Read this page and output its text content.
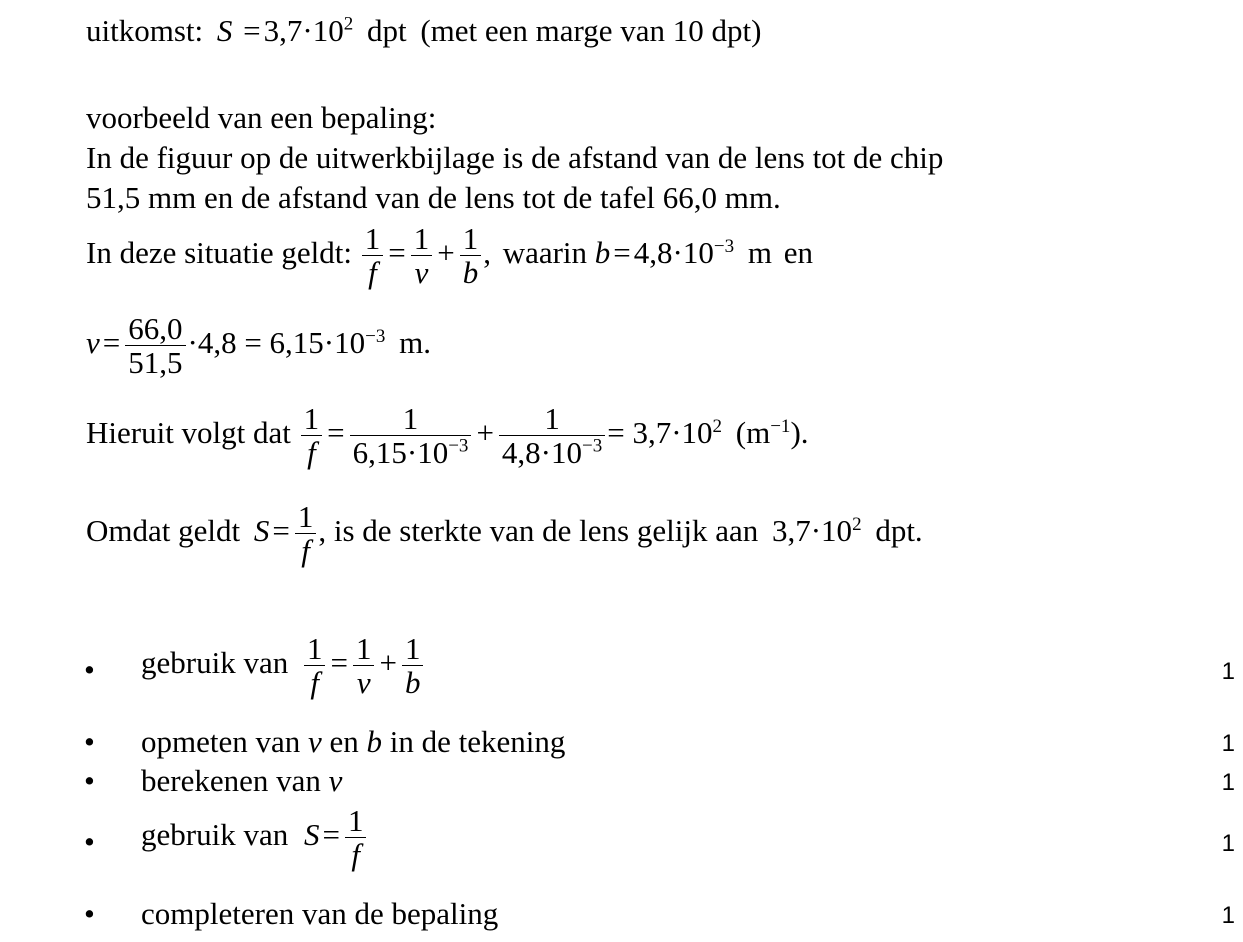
uitkomst: $S =3,7\cdot 10^2$ dpt (met een marge van 10 dpt)
voorbeeld van een bepaling:
In de figuur op de uitwerkbijlage is de afstand van de lens tot de chip
51,5 mm en de afstand van de lens tot de tafel 66,0 mm.
In deze situatie geldt: $\frac{1}{f} = \frac{1}{v} + \frac{1}{b}$ , waarin $b=4,8\cdot 10^{-3}$ m en
$v= \frac{66,0}{51,5} \cdot 4,8 = 6,15\cdot 10^{-3}$ m.
Hieruit volgt dat $\frac{1}{f} = \frac{1}{6,15\cdot 10^{-3}} + \frac{1}{4,8\cdot 10^{-3}} = 3,7\cdot 10^2$ $(m^{-1})$.
Omdat geldt $S= \frac{1}{f}$ , is de sterkte van de lens gelijk aan $3,7\cdot 10^2$ dpt.
• gebruik van $\frac{1}{f} = \frac{1}{v} + \frac{1}{b}$	1
• opmeten van v en b in de tekening	1
• berekenen van v	1
• gebruik van $S= \frac{1}{f}$	1
• completeren van de bepaling	1
